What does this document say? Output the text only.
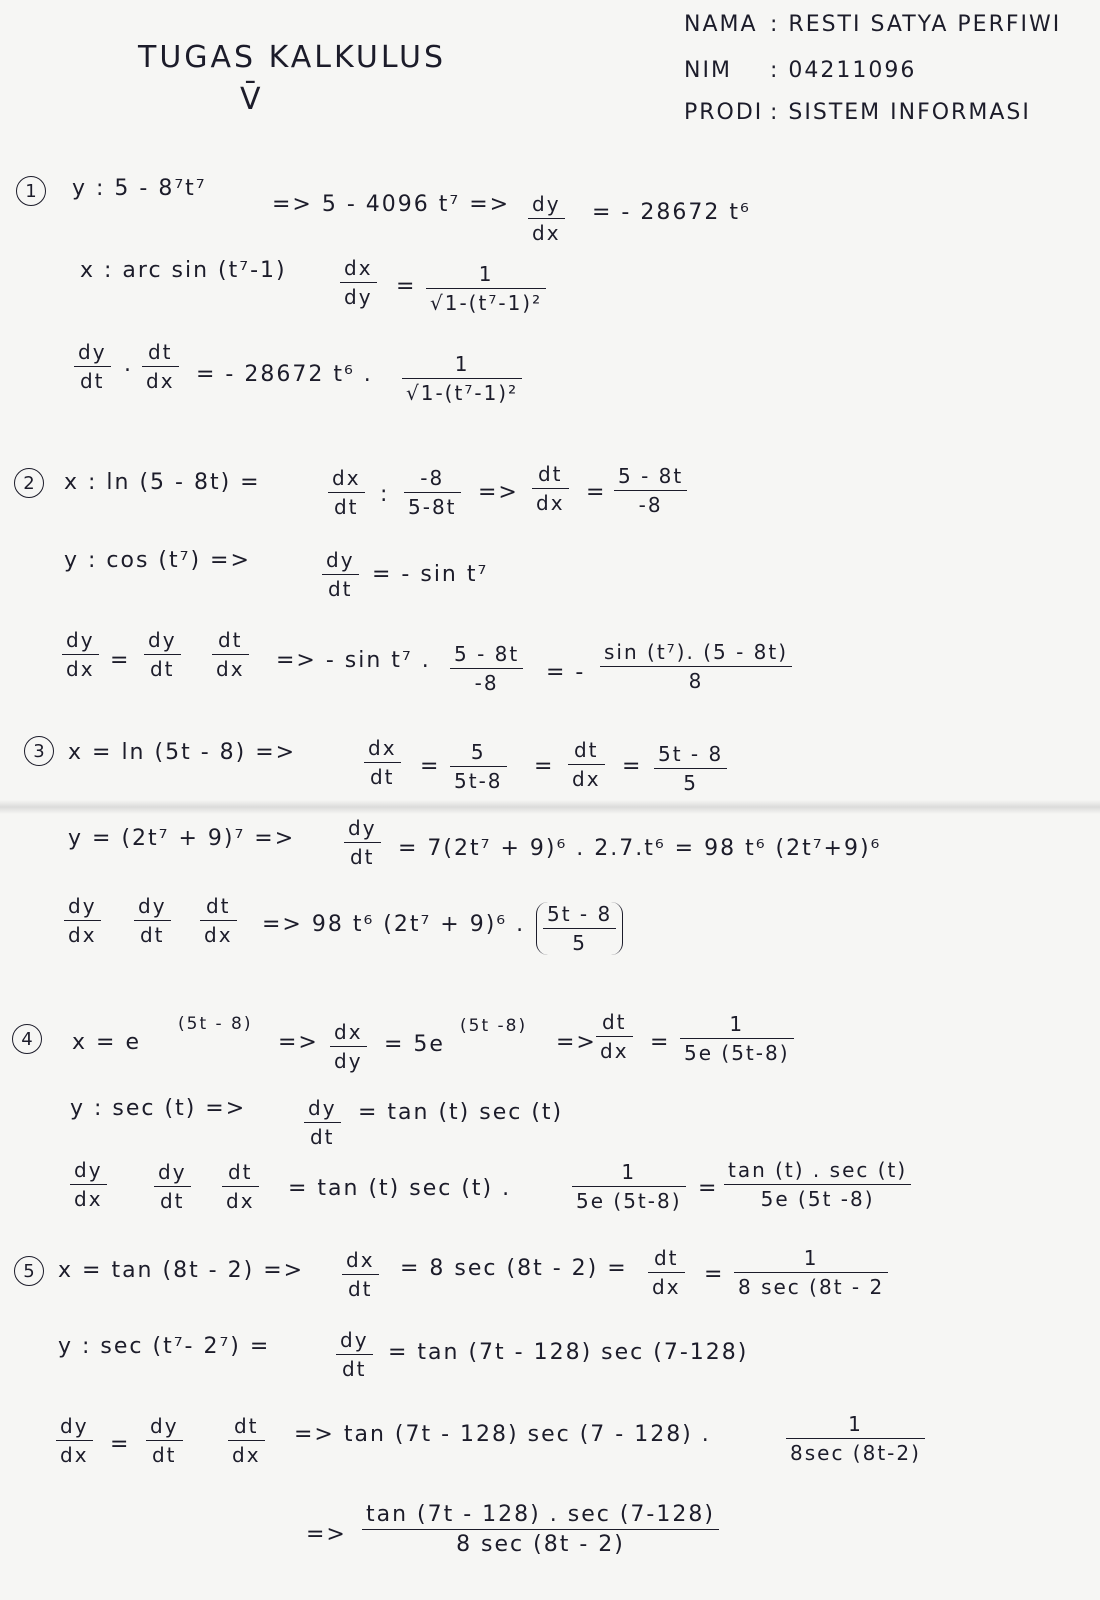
TUGAS KALKULUS
V̄
NAMA : RESTI SATYA PERFIWI
NIM : 04211096
PRODI : SISTEM INFORMASI
1	y : 5 - 8⁷t⁷
=> 5 - 4096 t⁷ => dy
dx
= - 28672 t⁶
x : arc sin (t⁷-1)	dx
dy =	1
√1-(t⁷-1)²
dy
dt
. dt
dx = - 28672 t⁶ .	1
√1-(t⁷-1)²
2	x : ln (5 - 8t) =	dx
dt :
-8
5-8t
=>
dt
dx =
5 - 8t
-8
y : cos (t⁷) =>	dy
dt
= - sin t⁷
dy
dx =
dy
dt
dt
dx => - sin t⁷ . 5 - 8t
-8 = -
sin (t⁷). (5 - 8t)
8
3	x = ln (5t - 8) =>	dx
dt =
5
5t-8
=
dt
dx = 5t - 8
5
y = (2t⁷ + 9)⁷ =>	dy
dt = 7(2t⁷ + 9)⁶ . 2.7.t⁶ = 98 t⁶ (2t⁷+9)⁶
dy
dx
dy
dt
dt
dx => 98 t⁶ (2t⁷ + 9)⁶ . 5t - 8
5
4	x = e
(5t - 8)
=> dx
dy
= 5e
(5t -8)
=>
dt
dx =
1
5e (5t-8)
y : sec (t) =>	dy
dt
= tan (t) sec (t)
dy
dx
dy
dt
dt
dx = tan (t) sec (t) .
1
5e (5t-8) =
tan (t) . sec (t)
5e (5t -8)
5	x = tan (8t - 2) => dx
dt
= 8 sec (8t - 2) = dt
dx =
1
8 sec (8t - 2
y : sec (t⁷- 2⁷) =	dy
dt
= tan (7t - 128) sec (7-128)
dy
dx =
dy
dt
dt
dx
=> tan (7t - 128) sec (7 - 128) .	1
8sec (8t-2)
=>
tan (7t - 128) . sec (7-128)
8 sec (8t - 2)
